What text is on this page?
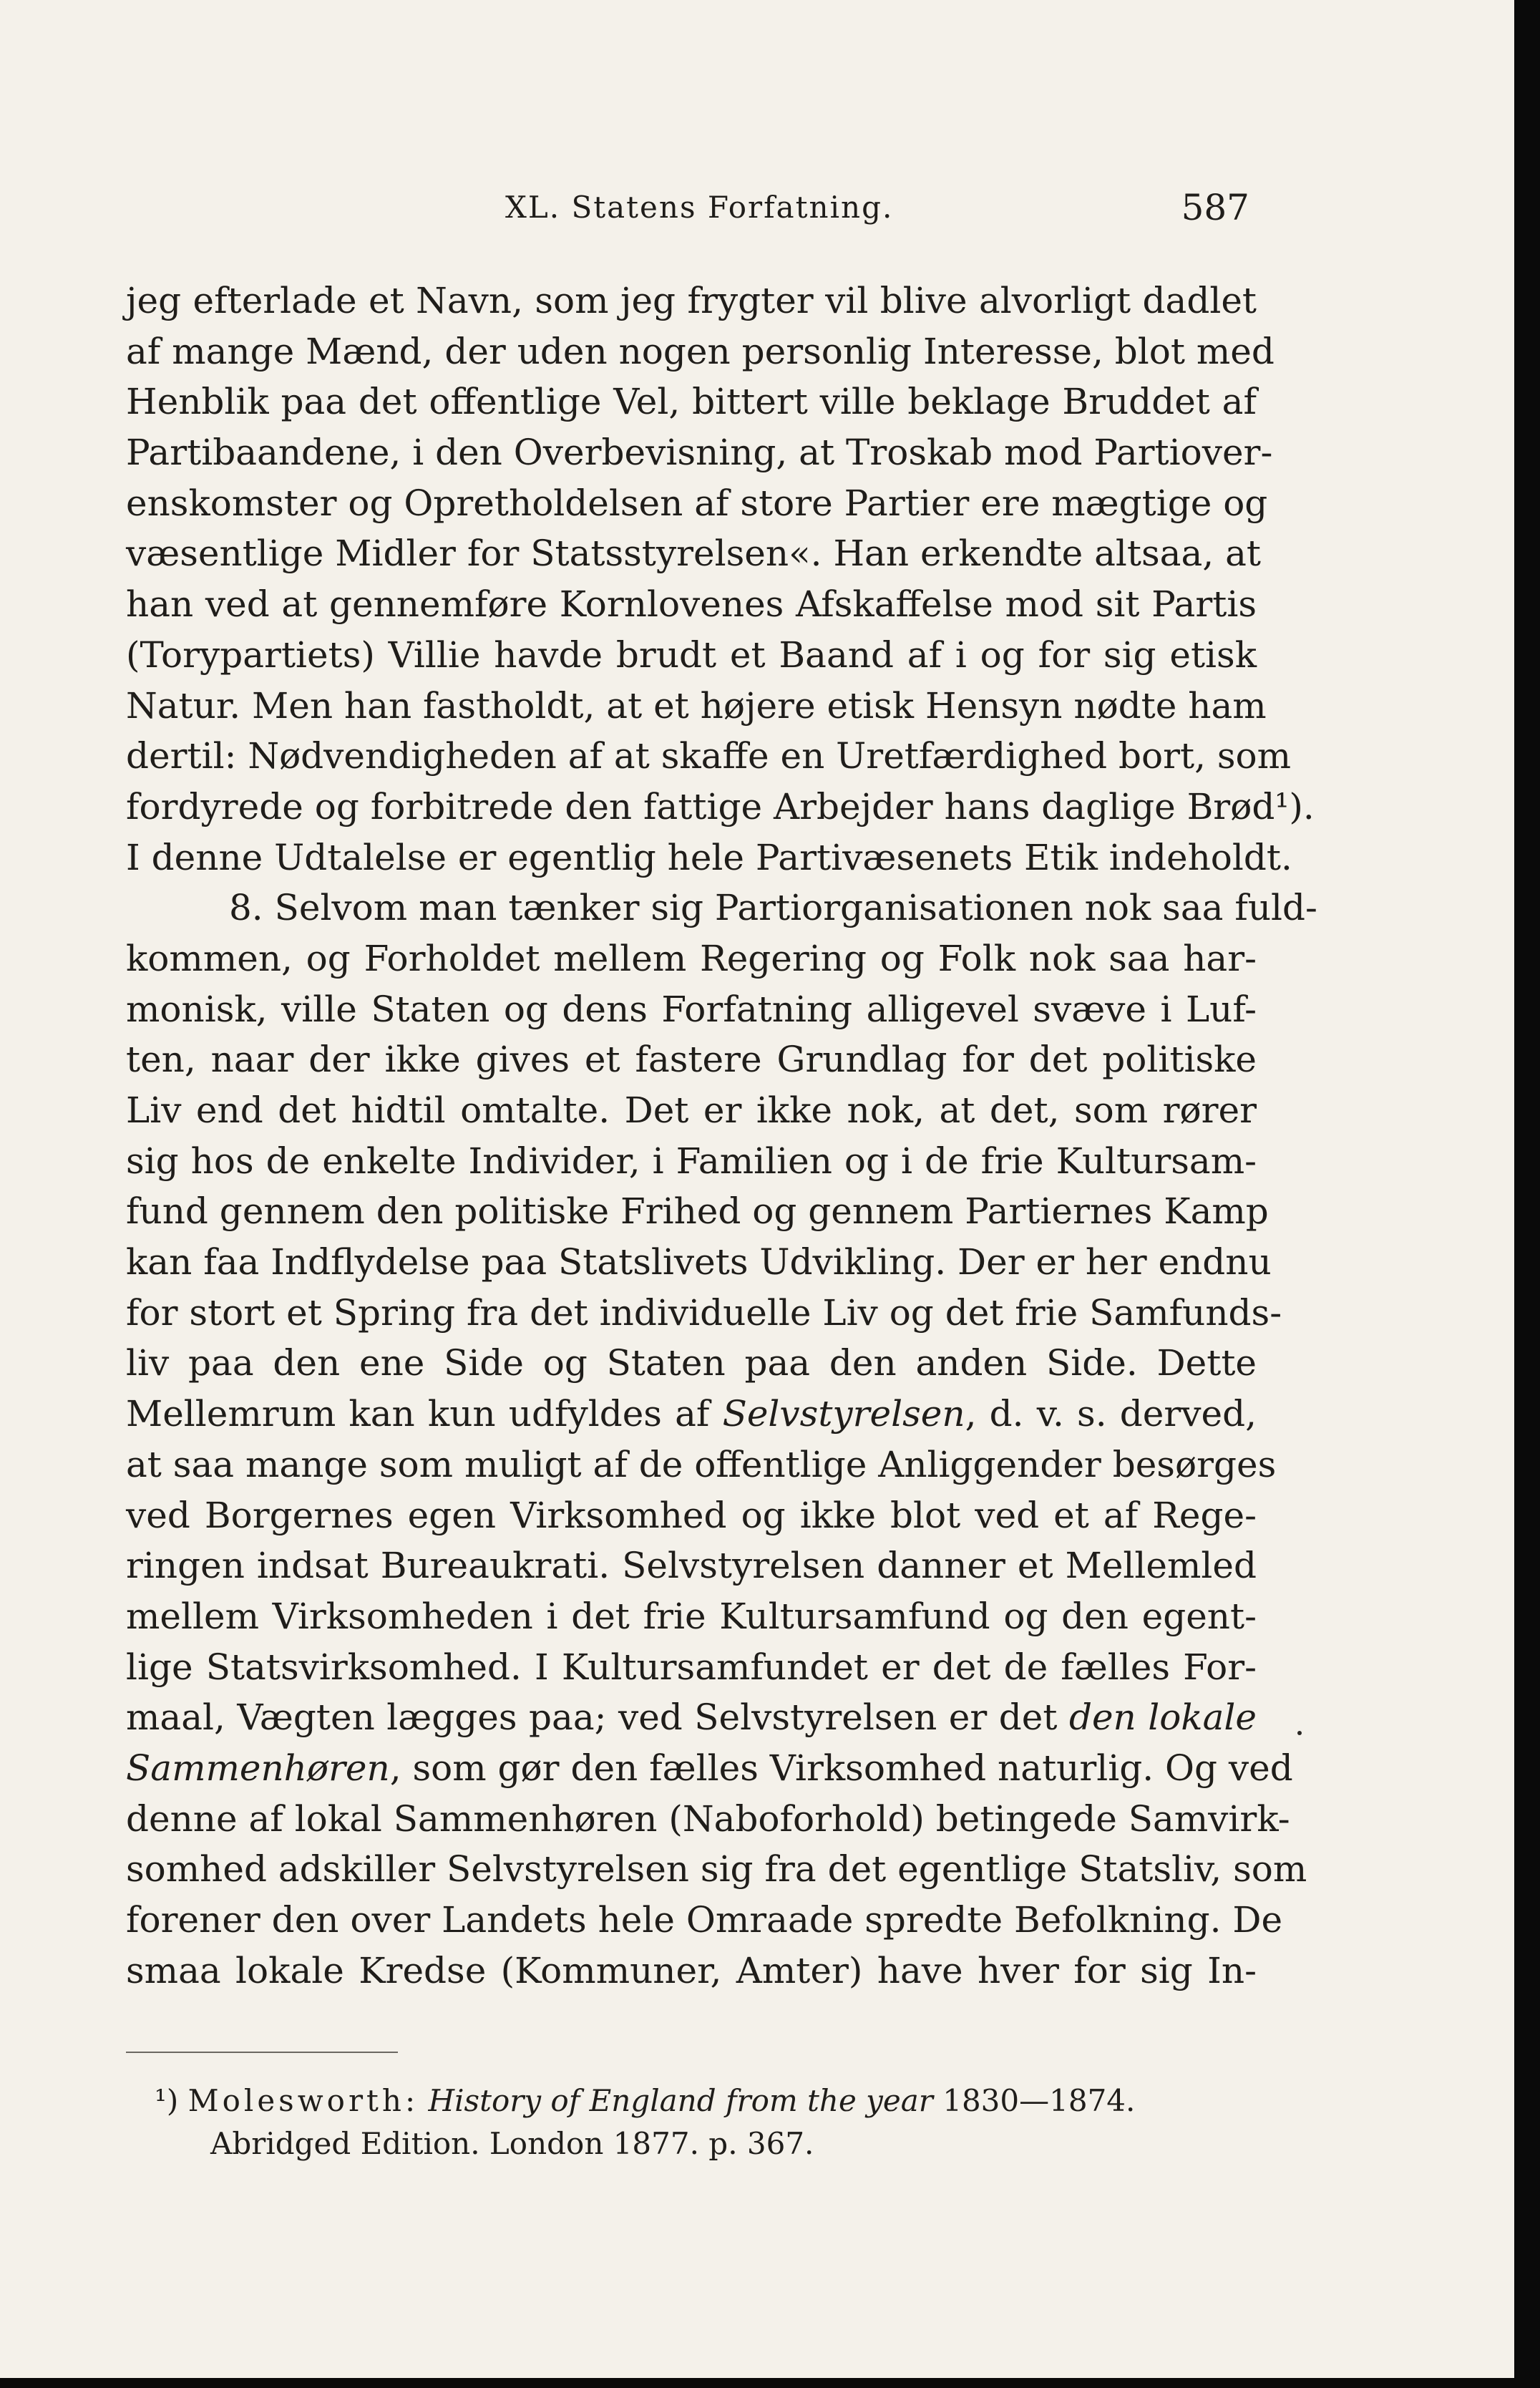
XL. Statens Forfatning.	587
jeg efterlade et Navn, som jeg frygter vil blive alvorligt dadlet
af mange Mænd, der uden nogen personlig Interesse, blot med
Henblik paa det offentlige Vel, bittert ville beklage Bruddet af
Partibaandene, i den Overbevisning, at Troskab mod Partiover-
enskomster og Opretholdelsen af store Partier ere mægtige og
væsentlige Midler for Statsstyrelsen«. Han erkendte altsaa, at
han ved at gennemføre Kornlovenes Afskaffelse mod sit Partis
(Torypartiets) Villie havde brudt et Baand af i og for sig etisk
Natur. Men han fastholdt, at et højere etisk Hensyn nødte ham
dertil: Nødvendigheden af at skaffe en Uretfærdighed bort, som
fordyrede og forbitrede den fattige Arbejder hans daglige Brød¹).
I denne Udtalelse er egentlig hele Partivæsenets Etik indeholdt.
8. Selvom man tænker sig Partiorganisationen nok saa fuld-
kommen, og Forholdet mellem Regering og Folk nok saa har-
monisk, ville Staten og dens Forfatning alligevel svæve i Luf-
ten, naar der ikke gives et fastere Grundlag for det politiske
Liv end det hidtil omtalte. Det er ikke nok, at det, som rører
sig hos de enkelte Individer, i Familien og i de frie Kultursam-
fund gennem den politiske Frihed og gennem Partiernes Kamp
kan faa Indflydelse paa Statslivets Udvikling. Der er her endnu
for stort et Spring fra det individuelle Liv og det frie Samfunds-
liv paa den ene Side og Staten paa den anden Side. Dette
Mellemrum kan kun udfyldes af Selvstyrelsen, d. v. s. derved,
at saa mange som muligt af de offentlige Anliggender besørges
ved Borgernes egen Virksomhed og ikke blot ved et af Rege-
ringen indsat Bureaukrati. Selvstyrelsen danner et Mellemled
mellem Virksomheden i det frie Kultursamfund og den egent-
lige Statsvirksomhed. I Kultursamfundet er det de fælles For-
maal, Vægten lægges paa; ved Selvstyrelsen er det den lokale
Sammenhøren, som gør den fælles Virksomhed naturlig. Og ved
denne af lokal Sammenhøren (Naboforhold) betingede Samvirk-
somhed adskiller Selvstyrelsen sig fra det egentlige Statsliv, som
forener den over Landets hele Omraade spredte Befolkning. De
smaa lokale Kredse (Kommuner, Amter) have hver for sig In-
¹) Molesworth: History of England from the year 1830—1874.
Abridged Edition. London 1877. p. 367.
